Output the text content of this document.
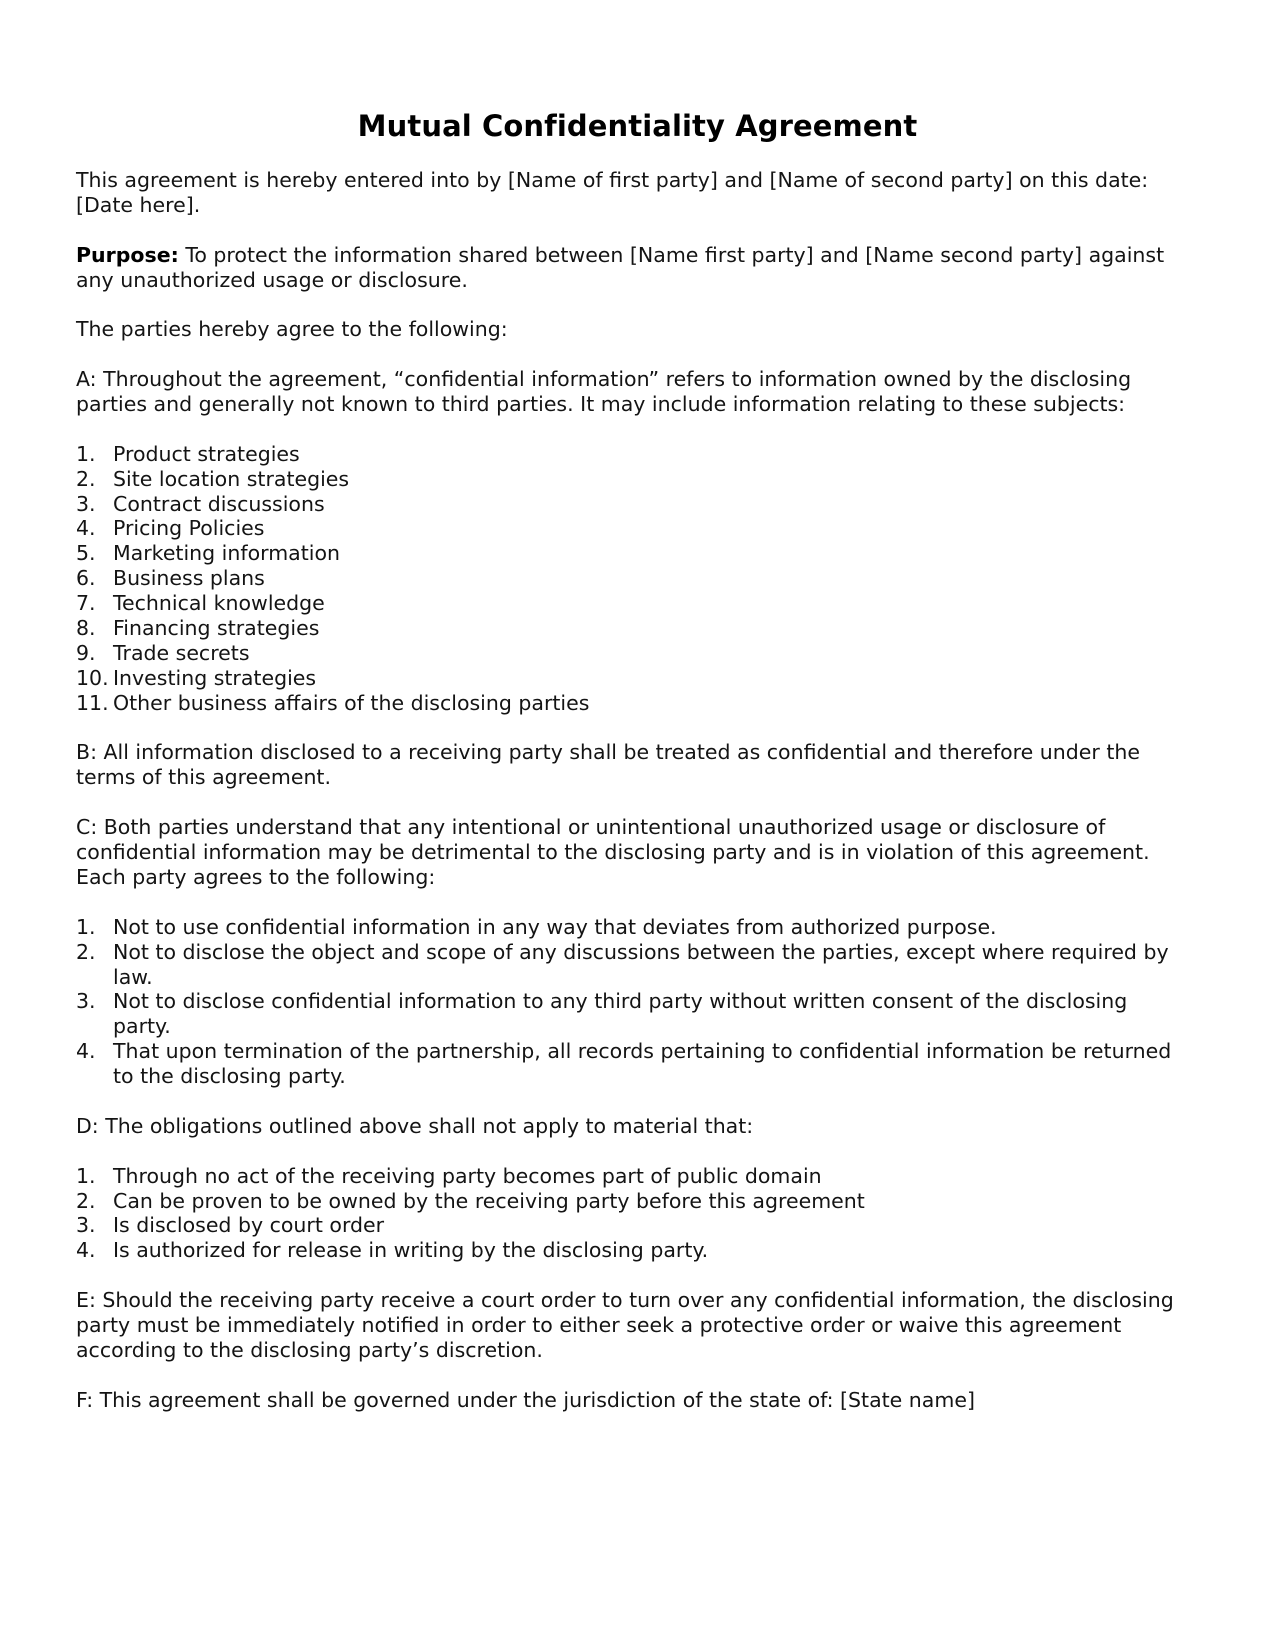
Mutual Confidentiality Agreement

This agreement is hereby entered into by [Name of first party] and [Name of second party] on this date:
[Date here].

Purpose: To protect the information shared between [Name first party] and [Name second party] against
any unauthorized usage or disclosure.

The parties hereby agree to the following:

A: Throughout the agreement, “confidential information” refers to information owned by the disclosing
parties and generally not known to third parties. It may include information relating to these subjects:

1. Product strategies
2. Site location strategies
3. Contract discussions
4. Pricing Policies
5. Marketing information
6. Business plans
7. Technical knowledge
8. Financing strategies
9. Trade secrets
10. Investing strategies
11. Other business affairs of the disclosing parties

B: All information disclosed to a receiving party shall be treated as confidential and therefore under the
terms of this agreement.

C: Both parties understand that any intentional or unintentional unauthorized usage or disclosure of
confidential information may be detrimental to the disclosing party and is in violation of this agreement.
Each party agrees to the following:

1. Not to use confidential information in any way that deviates from authorized purpose.
2. Not to disclose the object and scope of any discussions between the parties, except where required by
law.
3. Not to disclose confidential information to any third party without written consent of the disclosing
party.
4. That upon termination of the partnership, all records pertaining to confidential information be returned
to the disclosing party.

D: The obligations outlined above shall not apply to material that:

1. Through no act of the receiving party becomes part of public domain
2. Can be proven to be owned by the receiving party before this agreement
3. Is disclosed by court order
4. Is authorized for release in writing by the disclosing party.

E: Should the receiving party receive a court order to turn over any confidential information, the disclosing
party must be immediately notified in order to either seek a protective order or waive this agreement
according to the disclosing party’s discretion.

F: This agreement shall be governed under the jurisdiction of the state of: [State name]
